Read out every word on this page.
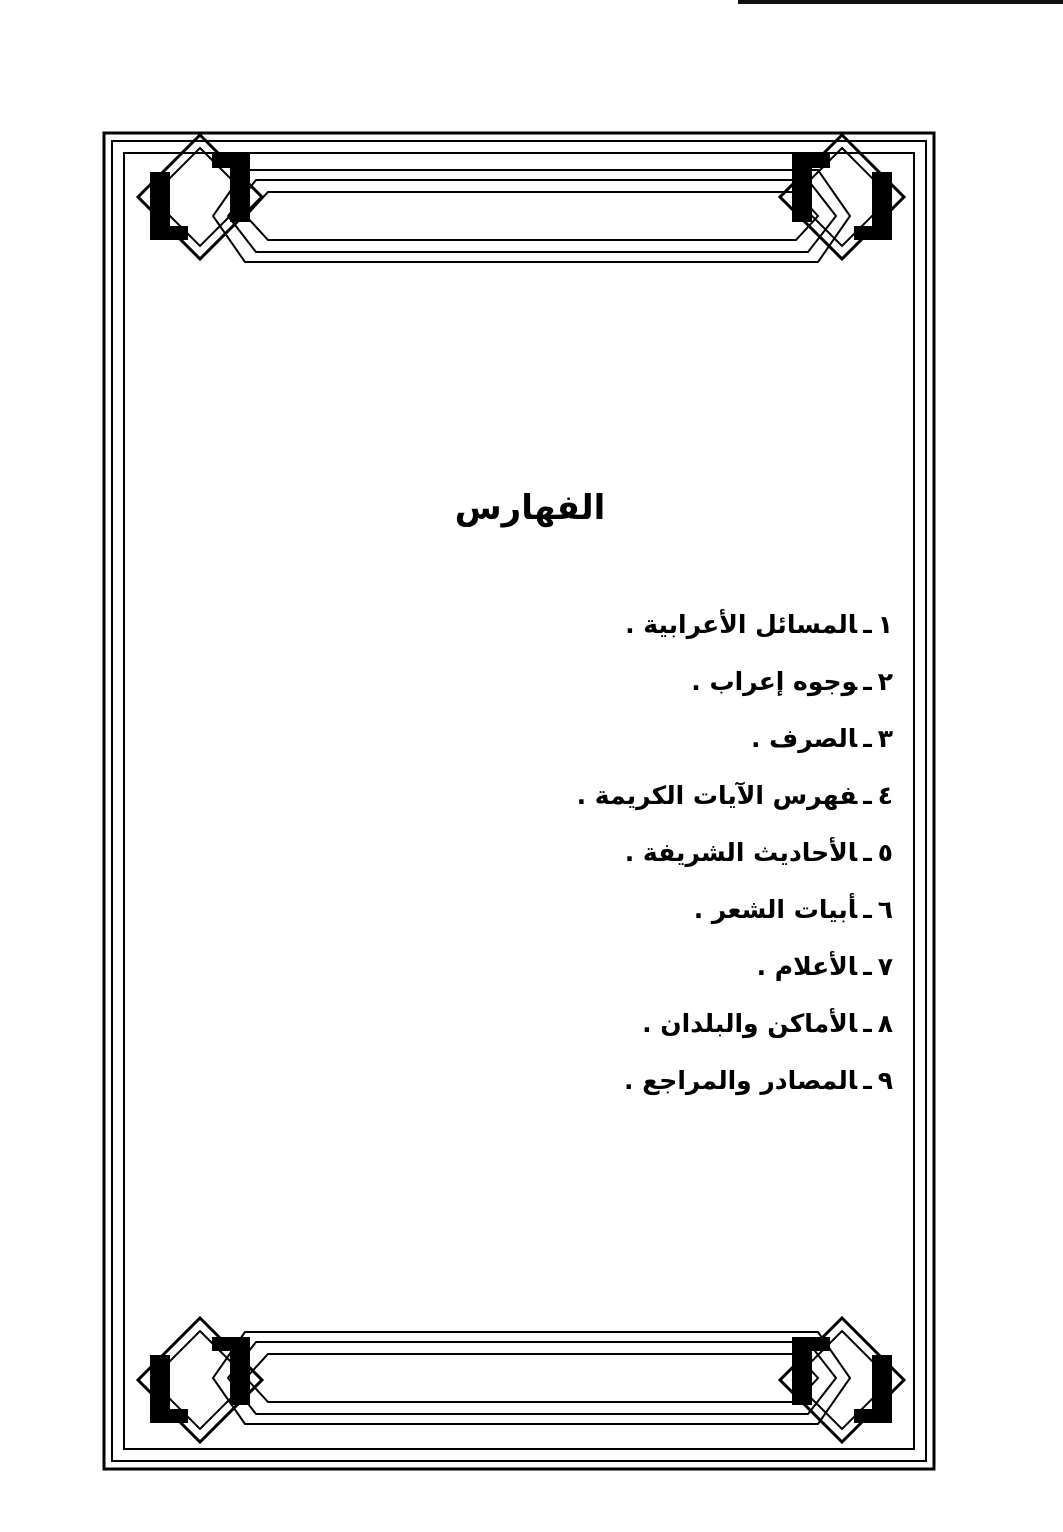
الفهارس
١ـالمسائل الأعرابية .
٢ـوجوه إعراب .
٣ـالصرف .
٤ـفهرس الآيات الكريمة .
٥ـالأحاديث الشريفة .
٦ـأبيات الشعر .
٧ـالأعلام .
٨ـالأماكن والبلدان .
٩ـالمصادر والمراجع .
